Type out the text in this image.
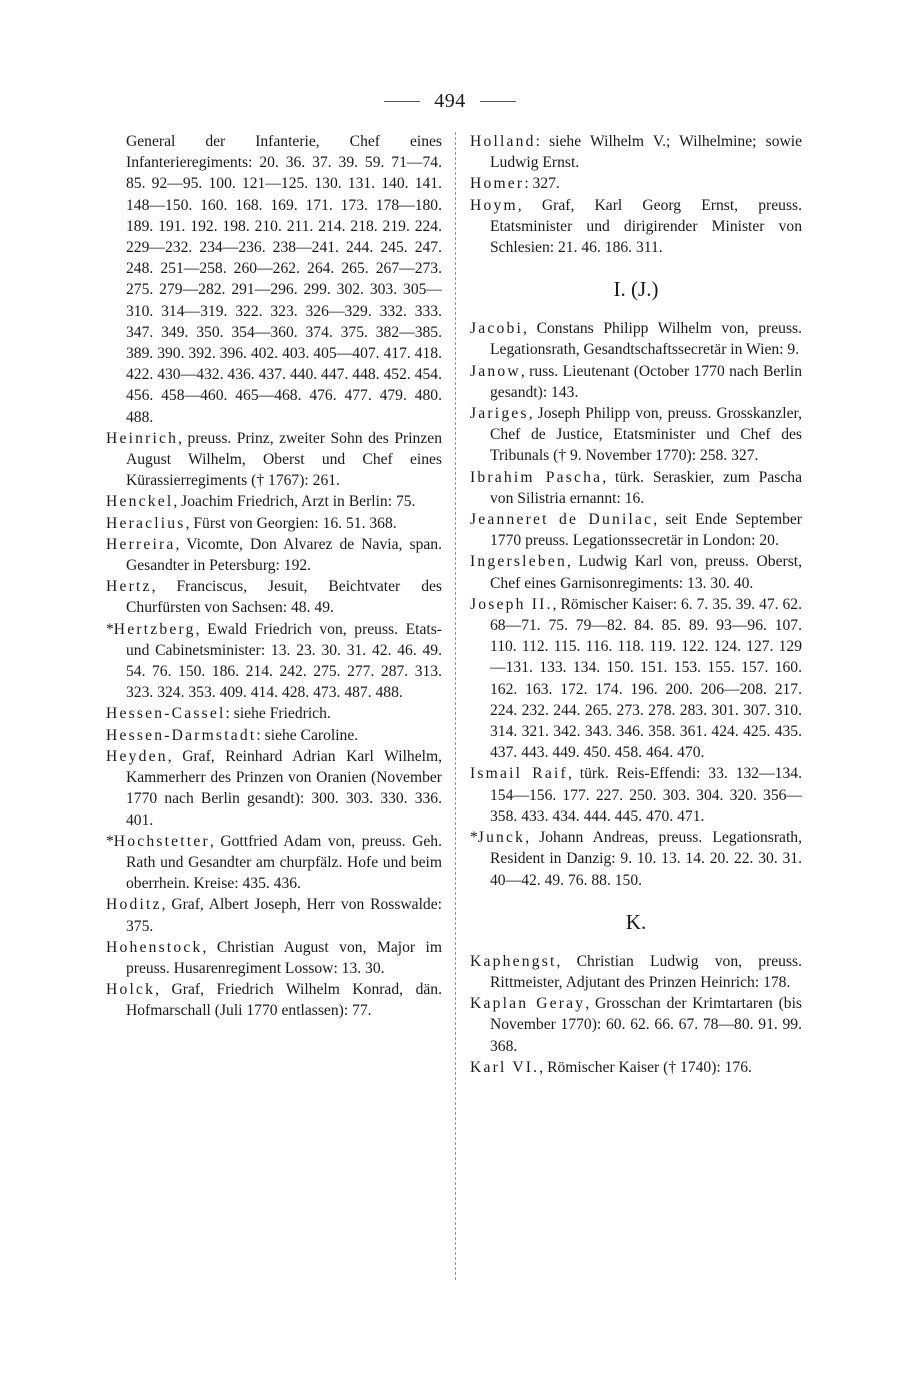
494

General der Infanterie, Chef eines Infanterieregiments: 20. 36. 37. 39. 59. 71—74. 85. 92—95. 100. 121—125. 130. 131. 140. 141. 148—150. 160. 168. 169. 171. 173. 178—180. 189. 191. 192. 198. 210. 211. 214. 218. 219. 224. 229—232. 234—236. 238—241. 244. 245. 247. 248. 251—258. 260—262. 264. 265. 267—273. 275. 279—282. 291—296. 299. 302. 303. 305—310. 314—319. 322. 323. 326—329. 332. 333. 347. 349. 350. 354—360. 374. 375. 382—385. 389. 390. 392. 396. 402. 403. 405—407. 417. 418. 422. 430—432. 436. 437. 440. 447. 448. 452. 454. 456. 458—460. 465—468. 476. 477. 479. 480. 488.

Heinrich, preuss. Prinz, zweiter Sohn des Prinzen August Wilhelm, Oberst und Chef eines Kürassierregiments († 1767): 261.

Henckel, Joachim Friedrich, Arzt in Berlin: 75.

Heraclius, Fürst von Georgien: 16. 51. 368.

Herreira, Vicomte, Don Alvarez de Navia, span. Gesandter in Petersburg: 192.

Hertz, Franciscus, Jesuit, Beichtvater des Churfürsten von Sachsen: 48. 49.

*Hertzberg, Ewald Friedrich von, preuss. Etats- und Cabinetsminister: 13. 23. 30. 31. 42. 46. 49. 54. 76. 150. 186. 214. 242. 275. 277. 287. 313. 323. 324. 353. 409. 414. 428. 473. 487. 488.

Hessen-Cassel: siehe Friedrich.

Hessen-Darmstadt: siehe Caroline.

Heyden, Graf, Reinhard Adrian Karl Wilhelm, Kammerherr des Prinzen von Oranien (November 1770 nach Berlin gesandt): 300. 303. 330. 336. 401.

*Hochstetter, Gottfried Adam von, preuss. Geh. Rath und Gesandter am churpfälz. Hofe und beim oberrhein. Kreise: 435. 436.

Hoditz, Graf, Albert Joseph, Herr von Rosswalde: 375.

Hohenstock, Christian August von, Major im preuss. Husarenregiment Lossow: 13. 30.

Holck, Graf, Friedrich Wilhelm Konrad, dän. Hofmarschall (Juli 1770 entlassen): 77.

Holland: siehe Wilhelm V.; Wilhelmine; sowie Ludwig Ernst.

Homer: 327.

Hoym, Graf, Karl Georg Ernst, preuss. Etatsminister und dirigirender Minister von Schlesien: 21. 46. 186. 311.

I. (J.)

Jacobi, Constans Philipp Wilhelm von, preuss. Legationsrath, Gesandtschaftssecretär in Wien: 9.

Janow, russ. Lieutenant (October 1770 nach Berlin gesandt): 143.

Jariges, Joseph Philipp von, preuss. Grosskanzler, Chef de Justice, Etatsminister und Chef des Tribunals († 9. November 1770): 258. 327.

Ibrahim Pascha, türk. Seraskier, zum Pascha von Silistria ernannt: 16.

Jeanneret de Dunilac, seit Ende September 1770 preuss. Legationssecretär in London: 20.

Ingersleben, Ludwig Karl von, preuss. Oberst, Chef eines Garnisonregiments: 13. 30. 40.

Joseph II., Römischer Kaiser: 6. 7. 35. 39. 47. 62. 68—71. 75. 79—82. 84. 85. 89. 93—96. 107. 110. 112. 115. 116. 118. 119. 122. 124. 127. 129—131. 133. 134. 150. 151. 153. 155. 157. 160. 162. 163. 172. 174. 196. 200. 206—208. 217. 224. 232. 244. 265. 273. 278. 283. 301. 307. 310. 314. 321. 342. 343. 346. 358. 361. 424. 425. 435. 437. 443. 449. 450. 458. 464. 470.

Ismail Raif, türk. Reis-Effendi: 33. 132—134. 154—156. 177. 227. 250. 303. 304. 320. 356—358. 433. 434. 444. 445. 470. 471.

*Junck, Johann Andreas, preuss. Legationsrath, Resident in Danzig: 9. 10. 13. 14. 20. 22. 30. 31. 40—42. 49. 76. 88. 150.

K.

Kaphengst, Christian Ludwig von, preuss. Rittmeister, Adjutant des Prinzen Heinrich: 178.

Kaplan Geray, Grosschan der Krimtartaren (bis November 1770): 60. 62. 66. 67. 78—80. 91. 99. 368.

Karl VI., Römischer Kaiser († 1740): 176.
